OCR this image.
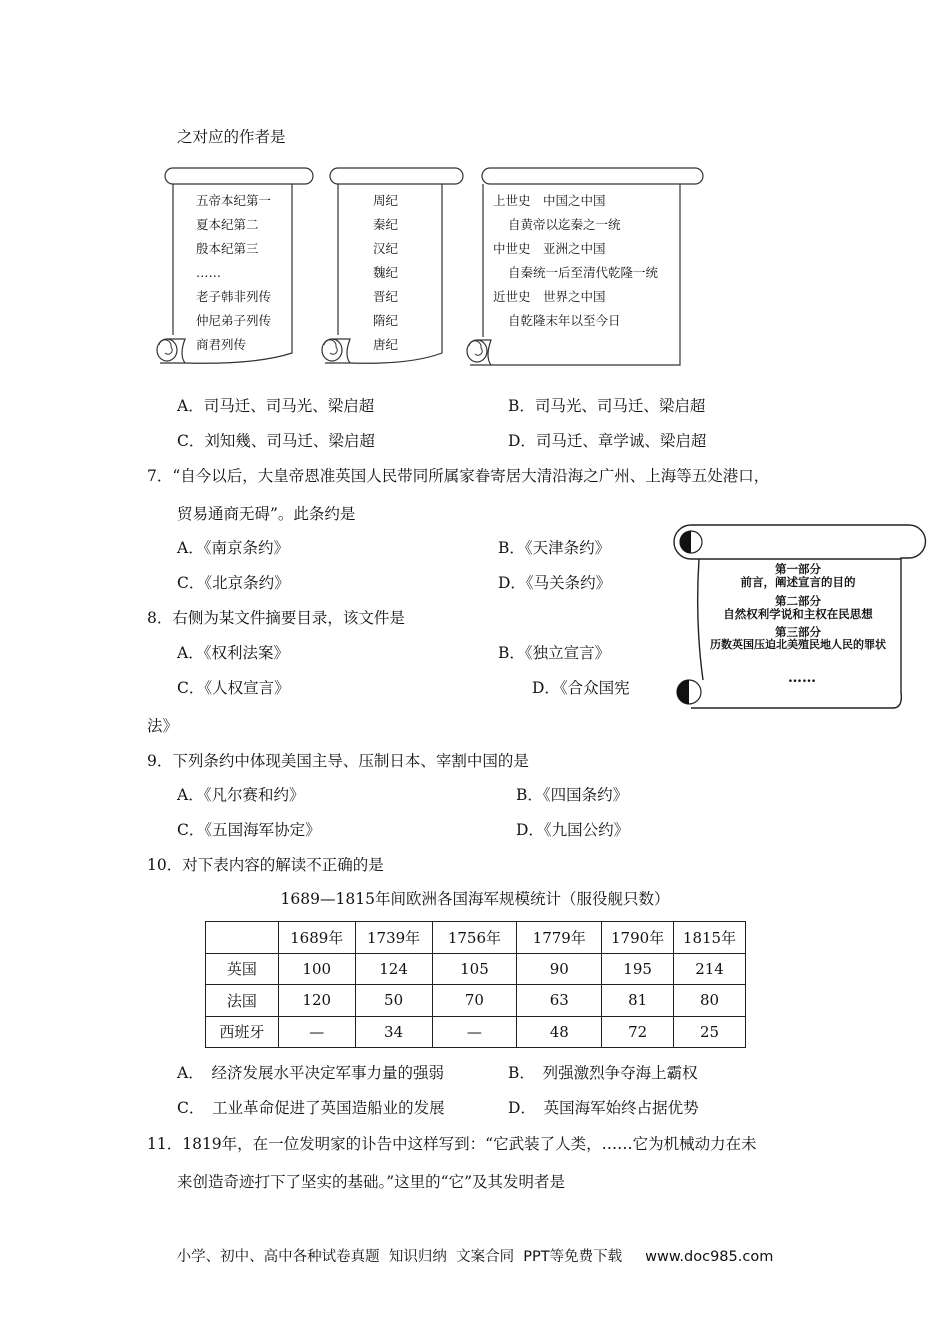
之对应的作者是
五帝本纪第一
夏本纪第二
殷本纪第三
……
老子韩非列传
仲尼弟子列传
商君列传
周纪
秦纪
汉纪
魏纪
晋纪
隋纪
唐纪
上世史　中国之中国
自黄帝以迄秦之一统
中世史　亚洲之中国
自秦统一后至清代乾隆一统
近世史　世界之中国
自乾隆末年以至今日
A．司马迁、司马光、梁启超	B．司马光、司马迁、梁启超
C．刘知幾、司马迁、梁启超	D．司马迁、章学诚、梁启超
7．“自今以后，大皇帝恩准英国人民带同所属家眷寄居大清沿海之广州、上海等五处港口，
贸易通商无碍”。此条约是
A．《南京条约》	B．《天津条约》
C．《北京条约》	D．《马关条约》
第一部分
前言，阐述宣言的目的
第二部分
自然权利学说和主权在民思想
第三部分
历数英国压迫北美殖民地人民的罪状
……
8．右侧为某文件摘要目录，该文件是
A．《权利法案》	B．《独立宣言》
C．《人权宣言》	D．《合众国宪
法》
9．下列条约中体现美国主导、压制日本、宰割中国的是
A．《凡尔赛和约》	B．《四国条约》
C．《五国海军协定》	D．《九国公约》
10．对下表内容的解读不正确的是
1689—1815年间欧洲各国海军规模统计（服役舰只数）
	1689年	1739年	1756年	1779年	1790年	1815年
英国	100	124	105	90	195	214
法国	120	50	70	63	81	80
西班牙	—	34	—	48	72	25
A．　经济发展水平决定军事力量的强弱	B．　列强激烈争夺海上霸权
C．　工业革命促进了英国造船业的发展	D．　英国海军始终占据优势
11．1819年，在一位发明家的讣告中这样写到：“它武装了人类，……它为机械动力在未
来创造奇迹打下了坚实的基础。”这里的“它”及其发明者是
小学、初中、高中各种试卷真题  知识归纳  文案合同  PPT等免费下载     www.doc985.com
